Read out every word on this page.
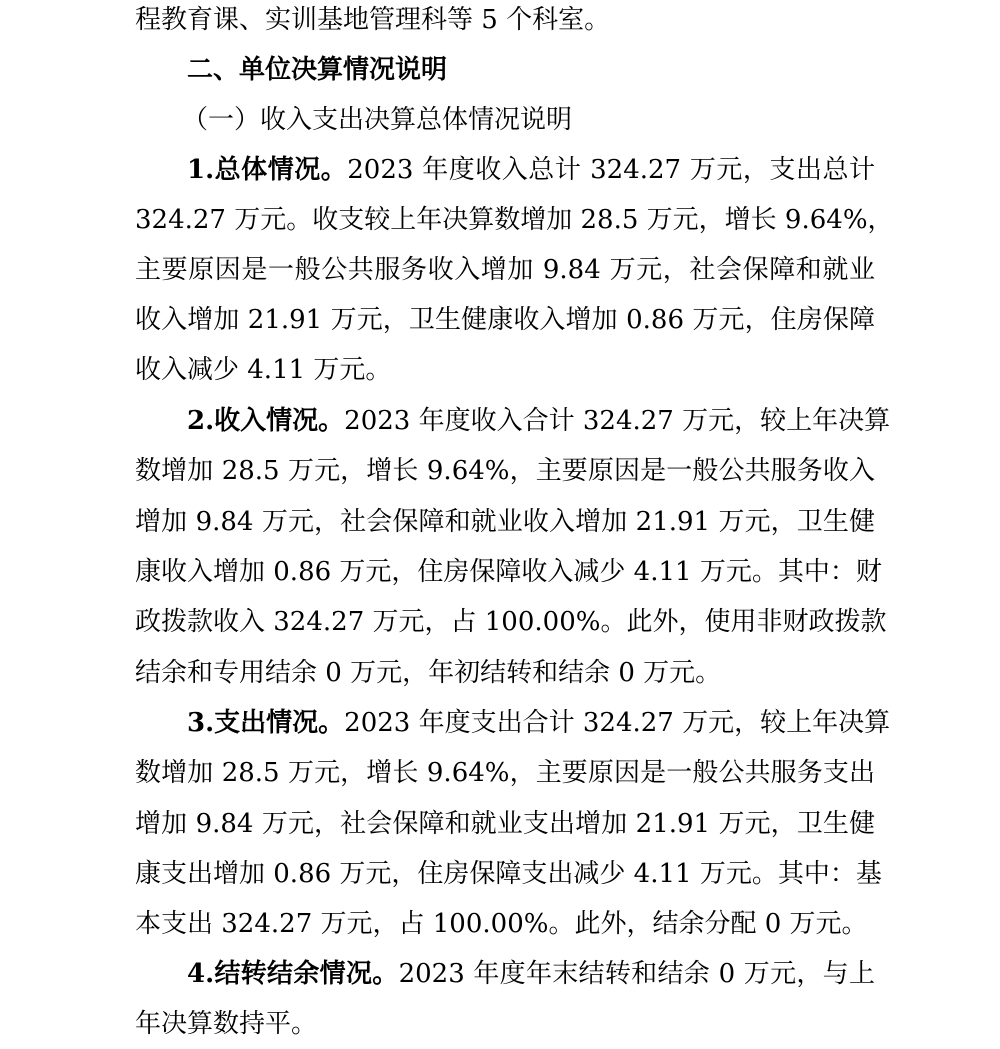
程教育课、实训基地管理科等 5 个科室。
二、单位决算情况说明
（一）收入支出决算总体情况说明
1.总体情况。2023 年度收入总计 324.27 万元，支出总计
324.27 万元。收支较上年决算数增加 28.5 万元，增长 9.64%，
主要原因是一般公共服务收入增加 9.84 万元，社会保障和就业
收入增加 21.91 万元，卫生健康收入增加 0.86 万元，住房保障
收入减少 4.11 万元。
2.收入情况。2023 年度收入合计 324.27 万元，较上年决算
数增加 28.5 万元，增长 9.64%，主要原因是一般公共服务收入
增加 9.84 万元，社会保障和就业收入增加 21.91 万元，卫生健
康收入增加 0.86 万元，住房保障收入减少 4.11 万元。其中：财
政拨款收入 324.27 万元，占 100.00%。此外，使用非财政拨款
结余和专用结余 0 万元，年初结转和结余 0 万元。
3.支出情况。2023 年度支出合计 324.27 万元，较上年决算
数增加 28.5 万元，增长 9.64%，主要原因是一般公共服务支出
增加 9.84 万元，社会保障和就业支出增加 21.91 万元，卫生健
康支出增加 0.86 万元，住房保障支出减少 4.11 万元。其中：基
本支出 324.27 万元，占 100.00%。此外，结余分配 0 万元。
4.结转结余情况。2023 年度年末结转和结余 0 万元，与上
年决算数持平。
